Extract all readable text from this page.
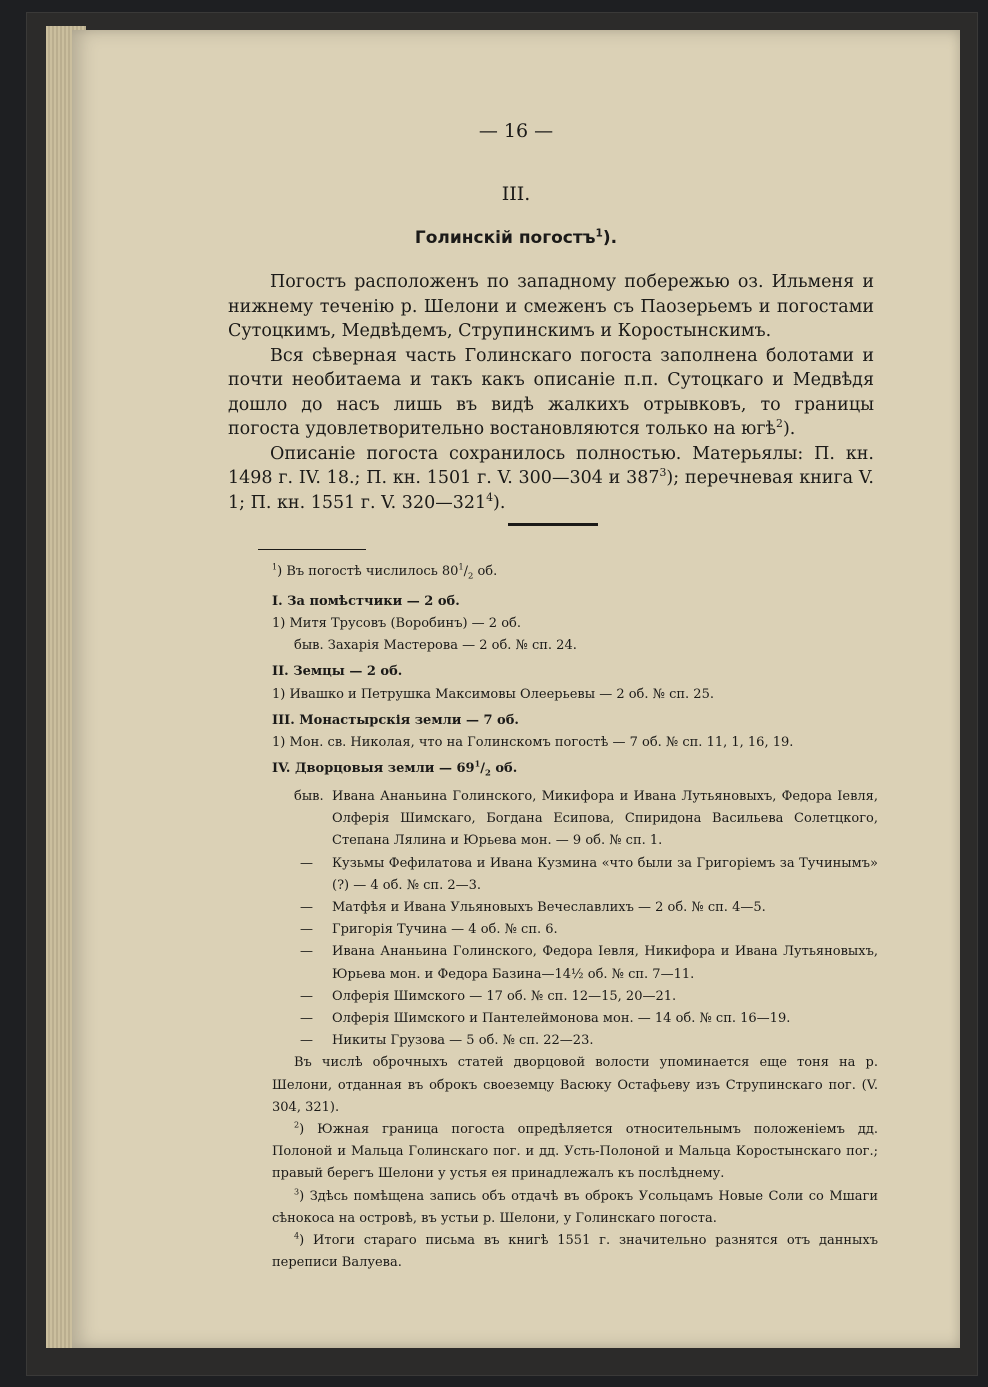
— 16 —
III.
Голинскій погостъ$^1$).

Погостъ расположенъ по западному побережью оз. Ильменя и нижнему теченію р. Шелони и смеженъ съ Паозерьемъ и погостами Сутоцкимъ, Медвѣдемъ, Струпинскимъ и Коростынскимъ.

Вся сѣверная часть Голинскаго погоста заполнена болотами и почти необитаема и такъ какъ описаніе п.п. Сутоцкаго и Медвѣдя дошло до насъ лишь въ видѣ жалкихъ отрывковъ, то границы погоста удовлетворительно востановляются только на югѣ$^2$).

Описаніе погоста сохранилось полностью. Матерьялы: П. кн. 1498 г. IV. 18.; П. кн. 1501 г. V. 300—304 и $387^3$); перечневая книга V. 1; П. кн. 1551 г. V. $320—321^4$).

$^1$) Въ погостѣ числилось $80^1/_2$ об.
I. За помѣстчики — 2 об.
1) Митя Трусовъ (Воробинъ) — 2 об.
быв. Захарія Мастерова — 2 об. № сп. 24.
II. Земцы — 2 об.
1) Ивашко и Петрушка Максимовы Олеерьевы — 2 об. № сп. 25.
III. Монастырскія земли — 7 об.
1) Мон. св. Николая, что на Голинскомъ погостѣ — 7 об. № сп. 11, 1, 16, 19.
IV. Дворцовыя земли — $69^1/_2$ об.
быв. Ивана Ананьина Голинского, Микифора и Ивана Лутьяновыхъ, Федора Іевля, Олферія Шимскаго, Богдана Есипова, Спиридона Васильева Солетцкого, Степана Лялина и Юрьева мон. — 9 об. № сп. 1.
—	Кузьмы Фефилатова и Ивана Кузмина «что были за Григоріемъ за Тучинымъ» (?) — 4 об. № сп. 2—3.
—	Матфѣя и Ивана Ульяновыхъ Вечеславлихъ — 2 об. № сп. 4—5.
—	Григорія Тучина — 4 об. № сп. 6.
—	Ивана Ананьина Голинского, Федора Іевля, Никифора и Ивана Лутьяновыхъ, Юрьева мон. и Федора Базина—14½ об. № сп. 7—11.
—	Олферія Шимского — 17 об. № сп. 12—15, 20—21.
—	Олферія Шимского и Пантелеймонова мон. — 14 об. № сп. 16—19.
—	Никиты Грузова — 5 об. № сп. 22—23.
Въ числѣ оброчныхъ статей дворцовой волости упоминается еще тоня на р. Шелони, отданная въ оброкъ своеземцу Васюку Остафьеву изъ Струпинскаго пог. (V. 304, 321).
$^2$) Южная граница погоста опредѣляется относительнымъ положеніемъ дд. Полоной и Мальца Голинскаго пог. и дд. Усть-Полоной и Мальца Коростынскаго пог.; правый берегъ Шелони у устья ея принадлежалъ къ послѣднему.
$^3$) Здѣсь помѣщена запись объ отдачѣ въ оброкъ Усольцамъ Новые Соли со Мшаги сѣнокоса на островѣ, въ устьи р. Шелони, у Голинскаго погоста.
$^4$) Итоги стараго письма въ книгѣ 1551 г. значительно разнятся отъ данныхъ переписи Валуева.
